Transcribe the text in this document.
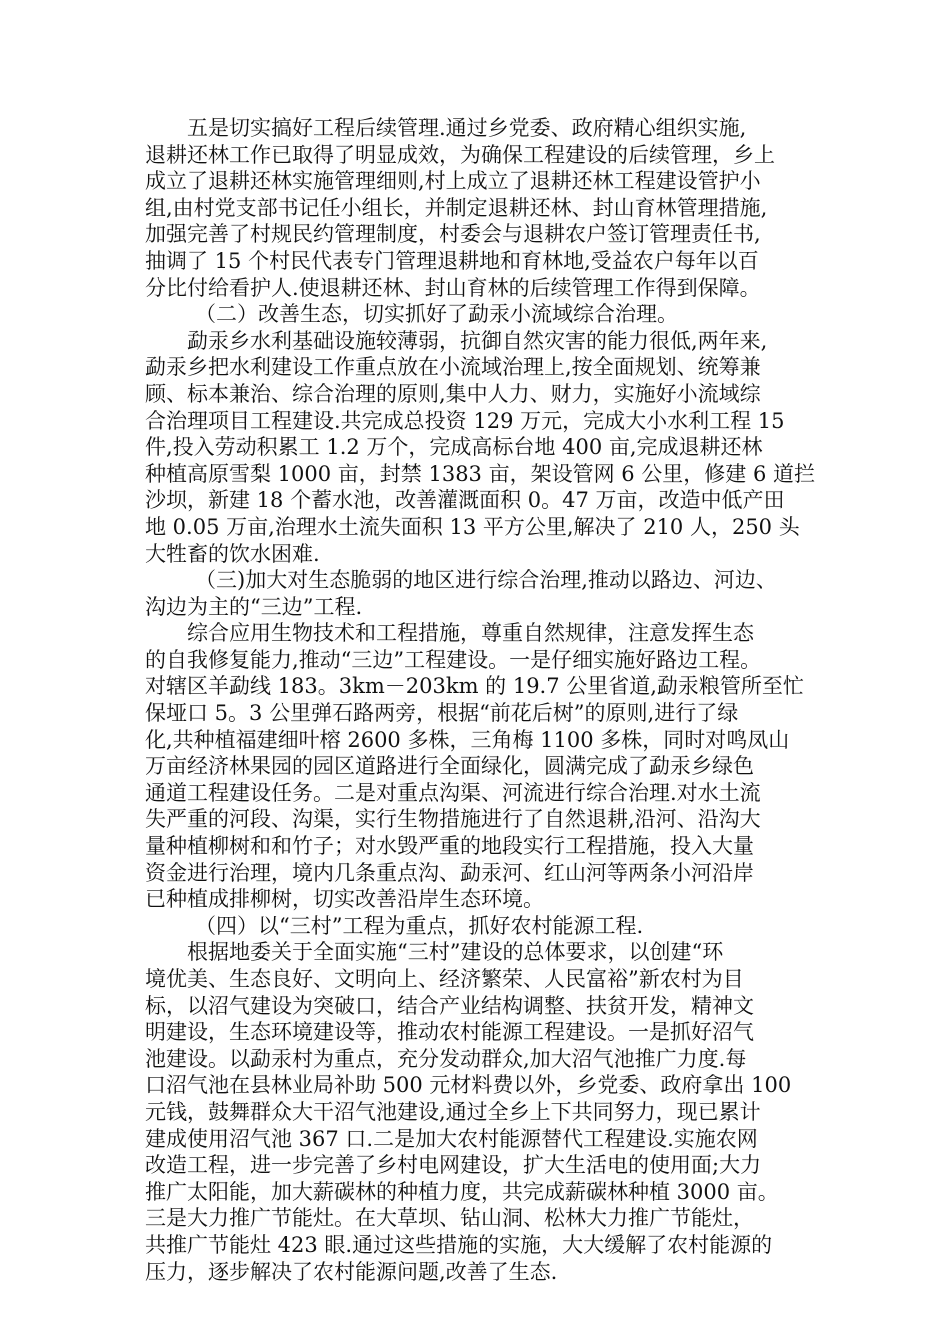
五是切实搞好工程后续管理.通过乡党委、政府精心组织实施,
退耕还林工作已取得了明显成效，为确保工程建设的后续管理，乡上
成立了退耕还林实施管理细则,村上成立了退耕还林工程建设管护小
组,由村党支部书记任小组长，并制定退耕还林、封山育林管理措施,
加强完善了村规民约管理制度，村委会与退耕农户签订管理责任书,
抽调了 15 个村民代表专门管理退耕地和育林地,受益农户每年以百
分比付给看护人.使退耕还林、封山育林的后续管理工作得到保障。
（二）改善生态，切实抓好了勐汞小流域综合治理。
勐汞乡水利基础设施较薄弱，抗御自然灾害的能力很低,两年来,
勐汞乡把水利建设工作重点放在小流域治理上,按全面规划、统筹兼
顾、标本兼治、综合治理的原则,集中人力、财力，实施好小流域综
合治理项目工程建设.共完成总投资 129 万元，完成大小水利工程 15
件,投入劳动积累工 1.2 万个，完成高标台地 400 亩,完成退耕还林
种植高原雪梨 1000 亩，封禁 1383 亩，架设管网 6 公里，修建 6 道拦
沙坝，新建 18 个蓄水池，改善灌溉面积 0。47 万亩，改造中低产田
地 0.05 万亩,治理水土流失面积 13 平方公里,解决了 210 人，250 头
大牲畜的饮水困难.
（三)加大对生态脆弱的地区进行综合治理,推动以路边、河边、
沟边为主的“三边”工程.
综合应用生物技术和工程措施，尊重自然规律，注意发挥生态
的自我修复能力,推动“三边”工程建设。一是仔细实施好路边工程。
对辖区羊勐线 183。3km－203km 的 19.7 公里省道,勐汞粮管所至忙
保垭口 5。3 公里弹石路两旁，根据“前花后树”的原则,进行了绿
化,共种植福建细叶榕 2600 多株，三角梅 1100 多株，同时对鸣凤山
万亩经济林果园的园区道路进行全面绿化，圆满完成了勐汞乡绿色
通道工程建设任务。二是对重点沟渠、河流进行综合治理.对水土流
失严重的河段、沟渠，实行生物措施进行了自然退耕,沿河、沿沟大
量种植柳树和和竹子；对水毁严重的地段实行工程措施，投入大量
资金进行治理，境内几条重点沟、勐汞河、红山河等两条小河沿岸
已种植成排柳树，切实改善沿岸生态环境。
（四）以“三村”工程为重点，抓好农村能源工程.
根据地委关于全面实施“三村”建设的总体要求，以创建“环
境优美、生态良好、文明向上、经济繁荣、人民富裕”新农村为目
标，以沼气建设为突破口，结合产业结构调整、扶贫开发，精神文
明建设，生态环境建设等，推动农村能源工程建设。一是抓好沼气
池建设。以勐汞村为重点，充分发动群众,加大沼气池推广力度.每
口沼气池在县林业局补助 500 元材料费以外，乡党委、政府拿出 100
元钱，鼓舞群众大干沼气池建设,通过全乡上下共同努力，现已累计
建成使用沼气池 367 口.二是加大农村能源替代工程建设.实施农网
改造工程，进一步完善了乡村电网建设，扩大生活电的使用面;大力
推广太阳能，加大薪碳林的种植力度，共完成薪碳林种植 3000 亩。
三是大力推广节能灶。在大草坝、钻山洞、松林大力推广节能灶，
共推广节能灶 423 眼.通过这些措施的实施，大大缓解了农村能源的
压力，逐步解决了农村能源问题,改善了生态.
